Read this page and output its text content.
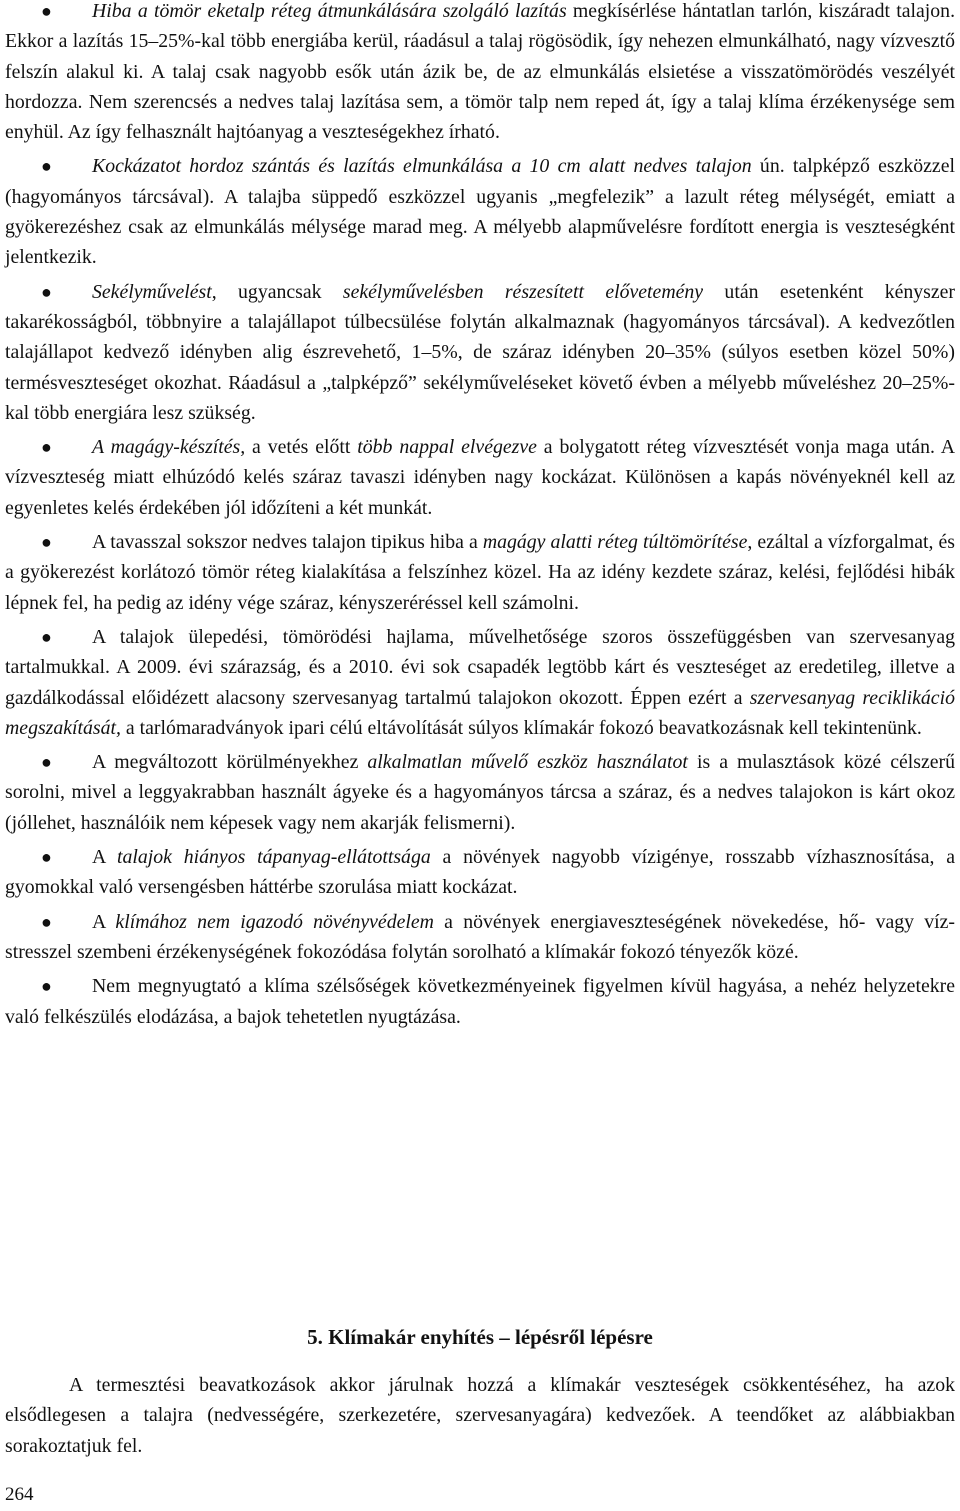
●	Hiba a tömör eketalp réteg átmunkálására szolgáló lazítás megkísérlése hántatlan tarlón, kiszáradt talajon. Ekkor a lazítás 15–25%-kal több energiába kerül, ráadásul a talaj rögösödik, így nehezen elmunkálható, nagy vízvesztő felszín alakul ki. A talaj csak nagyobb esők után ázik be, de az elmunkálás elsietése a visszatömörödés veszélyét hordozza. Nem szerencsés a nedves talaj lazítása sem, a tömör talp nem reped át, így a talaj klíma érzékenysége sem enyhül. Az így felhasznált hajtóanyag a veszteségekhez írható.
●	Kockázatot hordoz szántás és lazítás elmunkálása a 10 cm alatt nedves talajon ún. talpképző eszközzel (hagyományos tárcsával). A talajba süppedő eszközzel ugyanis „megfelezik” a lazult réteg mélységét, emiatt a gyökerezéshez csak az elmunkálás mélysége marad meg. A mélyebb alapművelésre fordított energia is veszteségként jelentkezik.
●	Sekélyművelést, ugyancsak sekélyművelésben részesített elővetemény után esetenként kényszer takarékosságból, többnyire a talajállapot túlbecsülése folytán alkalmaznak (hagyományos tárcsával). A kedvezőtlen talajállapot kedvező idényben alig észrevehető, 1–5%, de száraz idényben 20–35% (súlyos esetben közel 50%) termésveszteséget okozhat. Ráadásul a „talpképző” sekélyműveléseket követő évben a mélyebb műveléshez 20–25%-kal több energiára lesz szükség.
●	A magágy-készítés, a vetés előtt több nappal elvégezve a bolygatott réteg vízvesztését vonja maga után. A vízveszteség miatt elhúzódó kelés száraz tavaszi idényben nagy kockázat. Különösen a kapás növényeknél kell az egyenletes kelés érdekében jól időzíteni a két munkát.
●	A tavasszal sokszor nedves talajon tipikus hiba a magágy alatti réteg túltömörítése, ezáltal a vízforgalmat, és a gyökerezést korlátozó tömör réteg kialakítása a felszínhez közel. Ha az idény kezdete száraz, kelési, fejlődési hibák lépnek fel, ha pedig az idény vége száraz, kényszeréréssel kell számolni.
●	A talajok ülepedési, tömörödési hajlama, művelhetősége szoros összefüggésben van szervesanyag tartalmukkal. A 2009. évi szárazság, és a 2010. évi sok csapadék legtöbb kárt és veszteséget az eredetileg, illetve a gazdálkodással előidézett alacsony szervesanyag tartalmú talajokon okozott. Éppen ezért a szervesanyag reciklikáció megszakítását, a tarlómaradványok ipari célú eltávolítását súlyos klímakár fokozó beavatkozásnak kell tekintenünk.
●	A megváltozott körülményekhez alkalmatlan művelő eszköz használatot is a mulasztások közé célszerű sorolni, mivel a leggyakrabban használt ágyeke és a hagyományos tárcsa a száraz, és a nedves talajokon is kárt okoz (jóllehet, használóik nem képesek vagy nem akarják felismerni).
●	A talajok hiányos tápanyag-ellátottsága a növények nagyobb vízigénye, rosszabb vízhasznosítása, a gyomokkal való versengésben háttérbe szorulása miatt kockázat.
●	A klímához nem igazodó növényvédelem a növények energiaveszteségének növekedése, hő- vagy víz-stresszel szembeni érzékenységének fokozódása folytán sorolható a klímakár fokozó tényezők közé.
●	Nem megnyugtató a klíma szélsőségek következményeinek figyelmen kívül hagyása, a nehéz helyzetekre való felkészülés elodázása, a bajok tehetetlen nyugtázása.
5. Klímakár enyhítés – lépésről lépésre
A termesztési beavatkozások akkor járulnak hozzá a klímakár veszteségek csökkentéséhez, ha azok elsődlegesen a talajra (nedvességére, szerkezetére, szervesanyagára) kedvezőek. A teendőket az alábbiakban sorakoztatjuk fel.
264
